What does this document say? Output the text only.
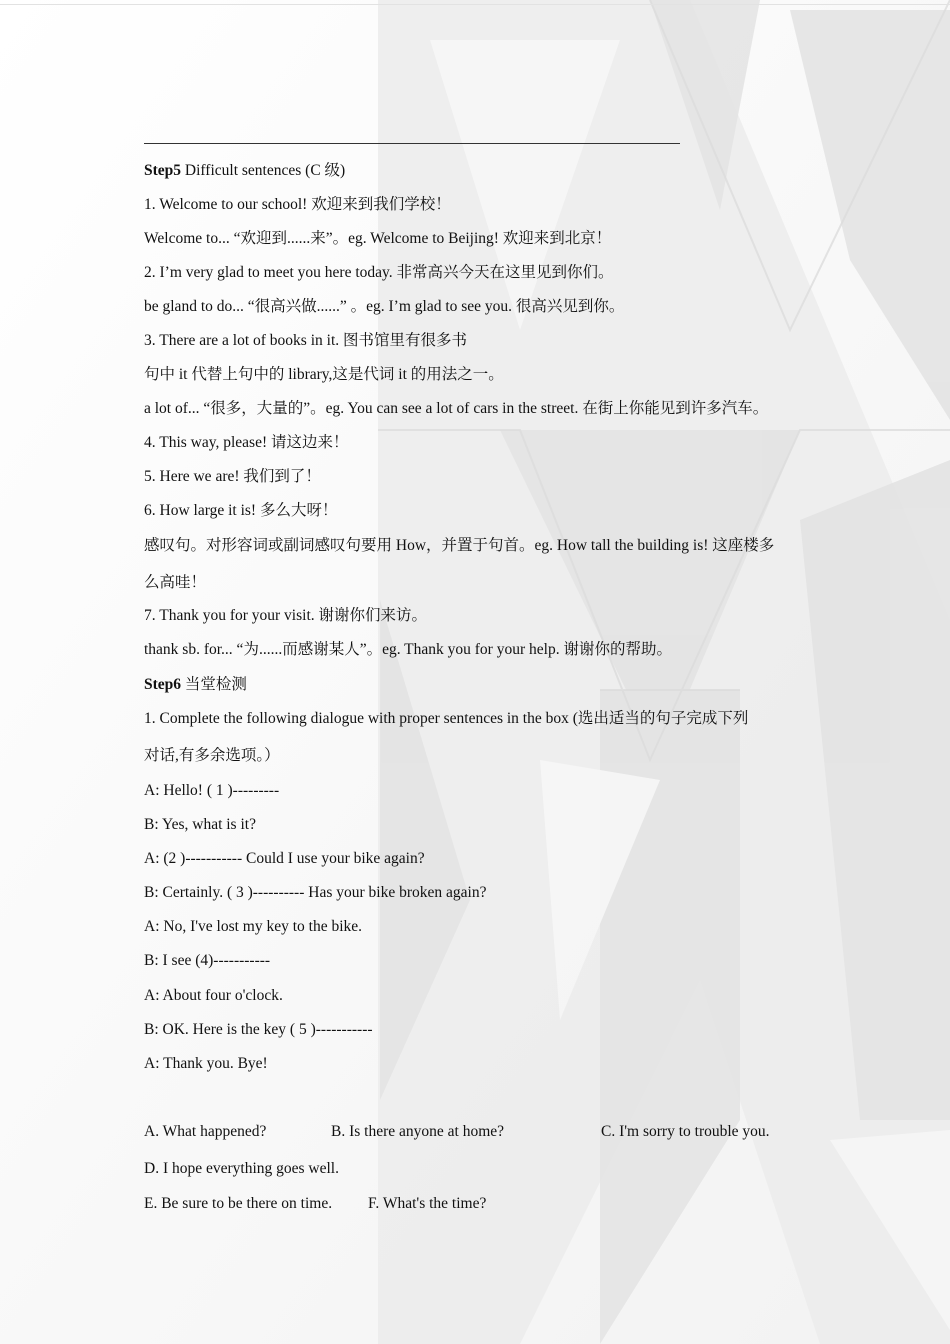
Step5 Difficult sentences (C 级)
1. Welcome to our school! 欢迎来到我们学校！
Welcome to... “欢迎到......来”。eg. Welcome to Beijing! 欢迎来到北京！
2. I’m very glad to meet you here today. 非常高兴今天在这里见到你们。
be gland to do... “很高兴做......” 。eg. I’m glad to see you. 很高兴见到你。
3. There are a lot of books in it. 图书馆里有很多书
句中 it 代替上句中的 library,这是代词 it 的用法之一。
a lot of... “很多，大量的”。eg. You can see a lot of cars in the street. 在街上你能见到许多汽车。
4. This way, please! 请这边来！
5. Here we are! 我们到了！
6. How large it is! 多么大呀！
感叹句。对形容词或副词感叹句要用 How，并置于句首。eg. How tall the building is! 这座楼多
么高哇！
7. Thank you for your visit. 谢谢你们来访。
thank sb. for... “为......而感谢某人”。eg. Thank you for your help. 谢谢你的帮助。
Step6 当堂检测
1. Complete the following dialogue with proper sentences in the box (选出适当的句子完成下列
对话,有多余选项。）
A: Hello! ( 1 )---------
B: Yes, what is it?
A: (2 )----------- Could I use your bike again?
B: Certainly. ( 3 )---------- Has your bike broken again?
A: No, I've lost my key to the bike.
B: I see (4)-----------
A: About four o'clock.
B: OK. Here is the key ( 5 )-----------
A: Thank you. Bye!
A. What happened?	B. Is there anyone at home?	C. I'm sorry to trouble you.
D. I hope everything goes well.
E. Be sure to be there on time. F. What's the time?
